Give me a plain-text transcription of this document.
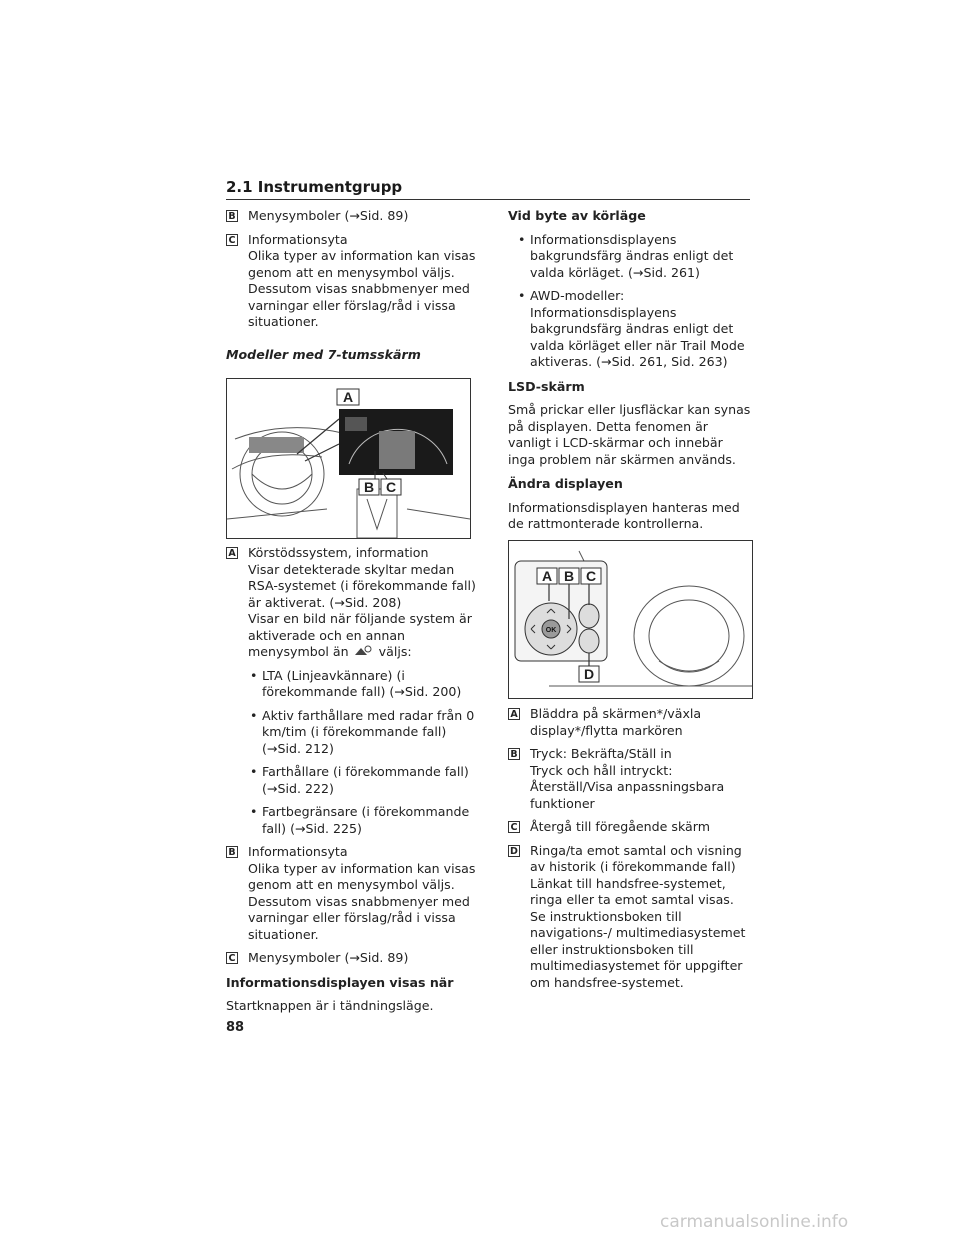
2.1 Instrumentgrupp
B Menysymboler (→Sid. 89)
C Informationsyta
Olika typer av information kan visas genom att en menysymbol väljs. Dessutom visas snabbmenyer med varningar eller förslag/råd i vissa situationer.
Modeller med 7-tumsskärm
A
B C
A Körstödssystem, information
Visar detekterade skyltar medan RSA-systemet (i förekommande fall) är aktiverat. (→Sid. 208)
Visar en bild när följande system är aktiverade och en annan menysymbol än väljs:
• LTA (Linjeavkännare) (i förekommande fall) (→Sid. 200)
• Aktiv farthållare med radar från 0 km/tim (i förekommande fall) (→Sid. 212)
• Farthållare (i förekommande fall) (→Sid. 222)
• Fartbegränsare (i förekommande fall) (→Sid. 225)
B Informationsyta
Olika typer av information kan visas genom att en menysymbol väljs. Dessutom visas snabbmenyer med varningar eller förslag/råd i vissa situationer.
C Menysymboler (→Sid. 89)
Informationsdisplayen visas när
Startknappen är i tändningsläge.
Vid byte av körläge
• Informationsdisplayens bakgrundsfärg ändras enligt det valda körläget. (→Sid. 261)
• AWD-modeller: Informationsdisplayens bakgrundsfärg ändras enligt det valda körläget eller när Trail Mode aktiveras. (→Sid. 261, Sid. 263)
LSD-skärm
Små prickar eller ljusfläckar kan synas på displayen. Detta fenomen är vanligt i LCD-skärmar och innebär inga problem när skärmen används.
Ändra displayen
Informationsdisplayen hanteras med de rattmonterade kontrollerna.
OK
A B C
D
A Bläddra på skärmen*/växla display*/flytta markören
B Tryck: Bekräfta/Ställ in
Tryck och håll intryckt: Återställ/Visa anpassningsbara funktioner
C Återgå till föregående skärm
D Ringa/ta emot samtal och visning av historik (i förekommande fall) Länkat till handsfree-systemet, ringa eller ta emot samtal visas. Se instruktionsboken till navigations-/ multimediasystemet eller instruktionsboken till multimediasystemet för uppgifter om handsfree-systemet.
88
carmanualsonline.info
